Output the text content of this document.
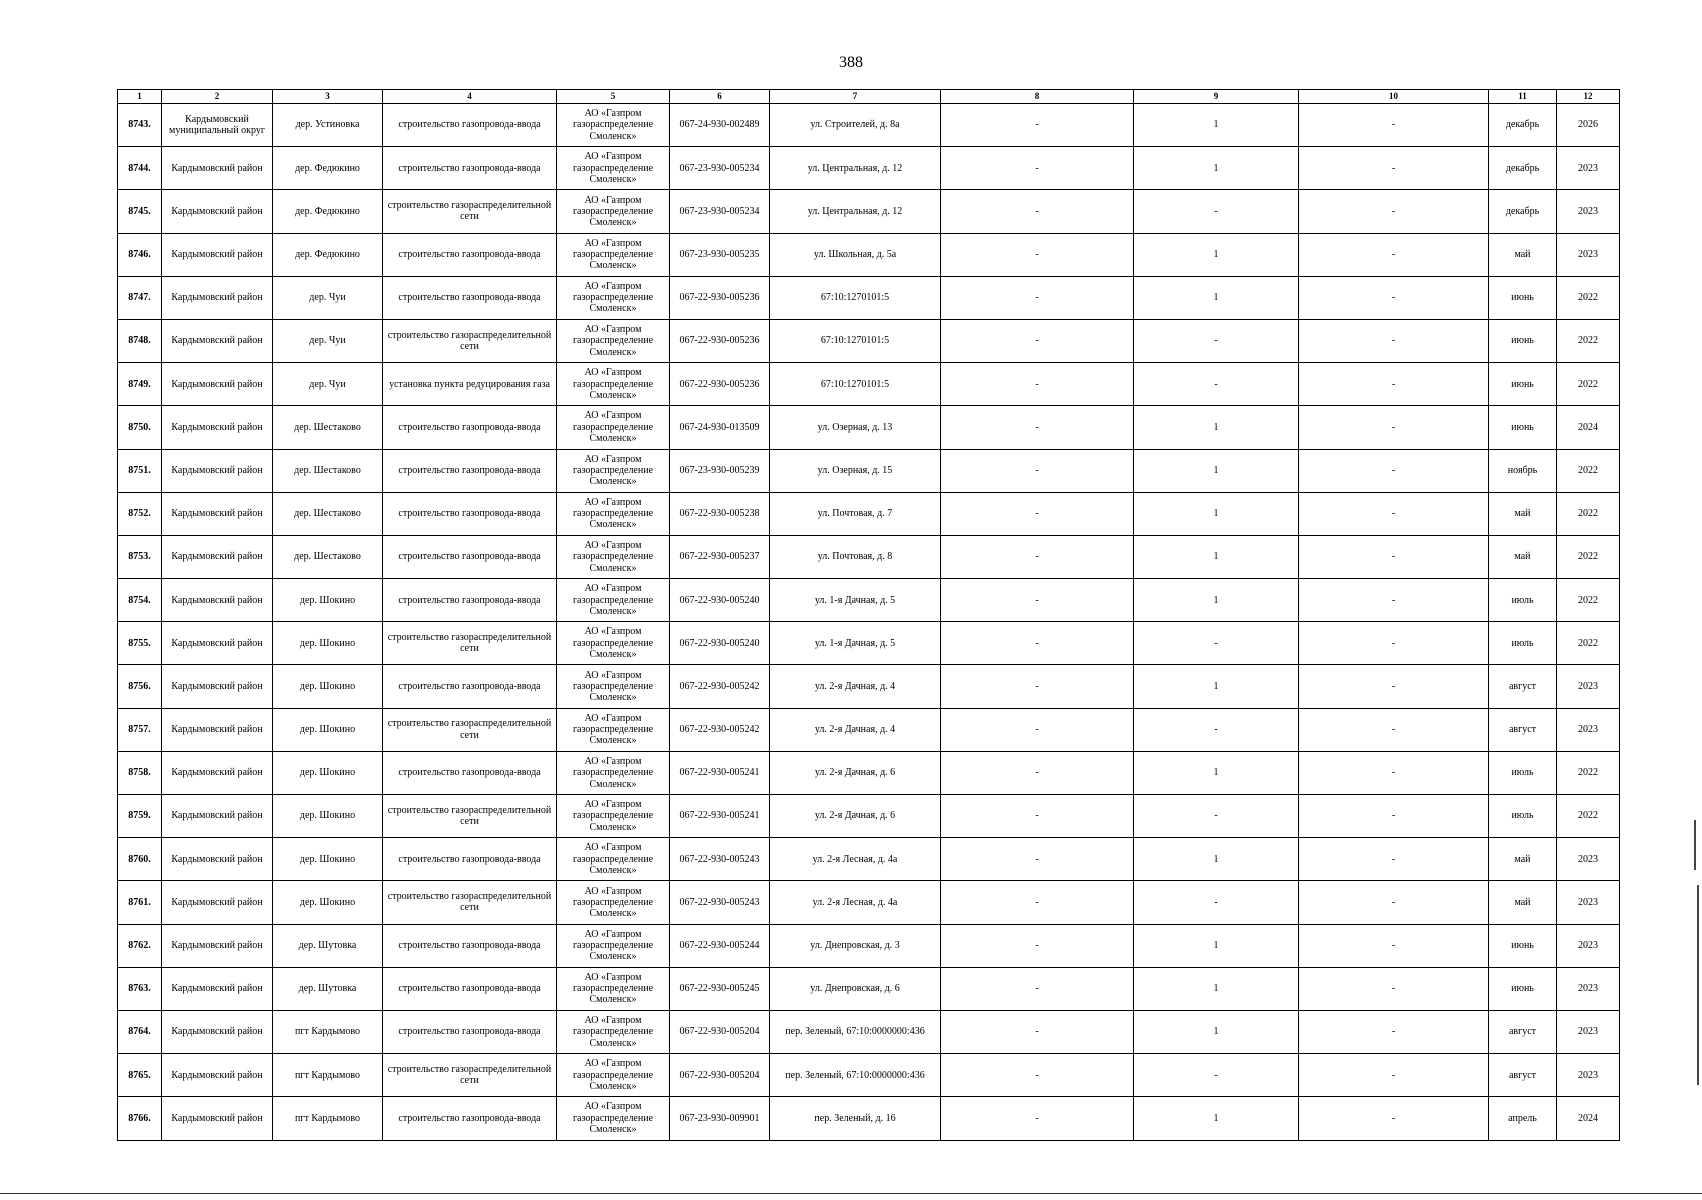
388
1	2	3	4	5	6	7	8	9	10	11	12
8743.	Кардымовский муниципальный округ	дер. Устиновка	строительство газопровода-ввода	АО «Газпром
газораспределение
Смоленск»	067-24-930-002489	ул. Строителей, д. 8а	-	1	-	декабрь	2026
8744.	Кардымовский район	дер. Федюкино	строительство газопровода-ввода	АО «Газпром
газораспределение
Смоленск»	067-23-930-005234	ул. Центральная, д. 12	-	1	-	декабрь	2023
8745.	Кардымовский район	дер. Федюкино	строительство газораспределительной сети	АО «Газпром
газораспределение
Смоленск»	067-23-930-005234	ул. Центральная, д. 12	-	-	-	декабрь	2023
8746.	Кардымовский район	дер. Федюкино	строительство газопровода-ввода	АО «Газпром
газораспределение
Смоленск»	067-23-930-005235	ул. Школьная, д. 5а	-	1	-	май	2023
8747.	Кардымовский район	дер. Чуи	строительство газопровода-ввода	АО «Газпром
газораспределение
Смоленск»	067-22-930-005236	67:10:1270101:5	-	1	-	июнь	2022
8748.	Кардымовский район	дер. Чуи	строительство газораспределительной сети	АО «Газпром
газораспределение
Смоленск»	067-22-930-005236	67:10:1270101:5	-	-	-	июнь	2022
8749.	Кардымовский район	дер. Чуи	установка пункта редуцирования газа	АО «Газпром
газораспределение
Смоленск»	067-22-930-005236	67:10:1270101:5	-	-	-	июнь	2022
8750.	Кардымовский район	дер. Шестаково	строительство газопровода-ввода	АО «Газпром
газораспределение
Смоленск»	067-24-930-013509	ул. Озерная, д. 13	-	1	-	июнь	2024
8751.	Кардымовский район	дер. Шестаково	строительство газопровода-ввода	АО «Газпром
газораспределение
Смоленск»	067-23-930-005239	ул. Озерная, д. 15	-	1	-	ноябрь	2022
8752.	Кардымовский район	дер. Шестаково	строительство газопровода-ввода	АО «Газпром
газораспределение
Смоленск»	067-22-930-005238	ул. Почтовая, д. 7	-	1	-	май	2022
8753.	Кардымовский район	дер. Шестаково	строительство газопровода-ввода	АО «Газпром
газораспределение
Смоленск»	067-22-930-005237	ул. Почтовая, д. 8	-	1	-	май	2022
8754.	Кардымовский район	дер. Шокино	строительство газопровода-ввода	АО «Газпром
газораспределение
Смоленск»	067-22-930-005240	ул. 1-я Дачная, д. 5	-	1	-	июль	2022
8755.	Кардымовский район	дер. Шокино	строительство газораспределительной сети	АО «Газпром
газораспределение
Смоленск»	067-22-930-005240	ул. 1-я Дачная, д. 5	-	-	-	июль	2022
8756.	Кардымовский район	дер. Шокино	строительство газопровода-ввода	АО «Газпром
газораспределение
Смоленск»	067-22-930-005242	ул. 2-я Дачная, д. 4	-	1	-	август	2023
8757.	Кардымовский район	дер. Шокино	строительство газораспределительной сети	АО «Газпром
газораспределение
Смоленск»	067-22-930-005242	ул. 2-я Дачная, д. 4	-	-	-	август	2023
8758.	Кардымовский район	дер. Шокино	строительство газопровода-ввода	АО «Газпром
газораспределение
Смоленск»	067-22-930-005241	ул. 2-я Дачная, д. 6	-	1	-	июль	2022
8759.	Кардымовский район	дер. Шокино	строительство газораспределительной сети	АО «Газпром
газораспределение
Смоленск»	067-22-930-005241	ул. 2-я Дачная, д. 6	-	-	-	июль	2022
8760.	Кардымовский район	дер. Шокино	строительство газопровода-ввода	АО «Газпром
газораспределение
Смоленск»	067-22-930-005243	ул. 2-я Лесная, д. 4а	-	1	-	май	2023
8761.	Кардымовский район	дер. Шокино	строительство газораспределительной сети	АО «Газпром
газораспределение
Смоленск»	067-22-930-005243	ул. 2-я Лесная, д. 4а	-	-	-	май	2023
8762.	Кардымовский район	дер. Шутовка	строительство газопровода-ввода	АО «Газпром
газораспределение
Смоленск»	067-22-930-005244	ул. Днепровская, д. 3	-	1	-	июнь	2023
8763.	Кардымовский район	дер. Шутовка	строительство газопровода-ввода	АО «Газпром
газораспределение
Смоленск»	067-22-930-005245	ул. Днепровская, д. 6	-	1	-	июнь	2023
8764.	Кардымовский район	пгт Кардымово	строительство газопровода-ввода	АО «Газпром
газораспределение
Смоленск»	067-22-930-005204	пер. Зеленый, 67:10:0000000:436	-	1	-	август	2023
8765.	Кардымовский район	пгт Кардымово	строительство газораспределительной сети	АО «Газпром
газораспределение
Смоленск»	067-22-930-005204	пер. Зеленый, 67:10:0000000:436	-	-	-	август	2023
8766.	Кардымовский район	пгт Кардымово	строительство газопровода-ввода	АО «Газпром
газораспределение
Смоленск»	067-23-930-009901	пер. Зеленый, д. 16	-	1	-	апрель	2024
